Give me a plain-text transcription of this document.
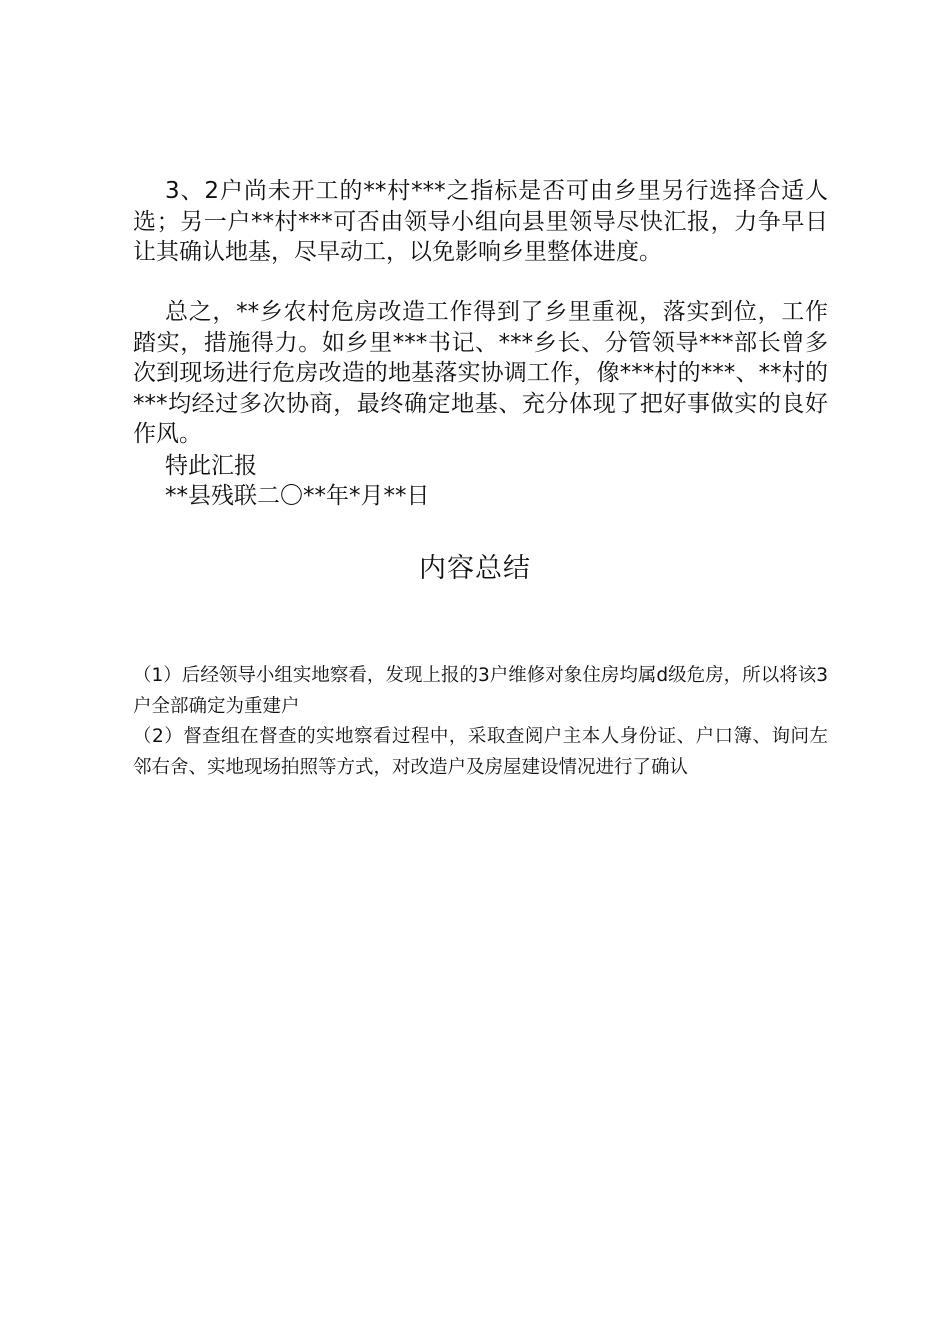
3、2户尚未开工的**村***之指标是否可由乡里另行选择合适人选；另一户**村***可否由领导小组向县里领导尽快汇报，力争早日让其确认地基，尽早动工，以免影响乡里整体进度。

总之，**乡农村危房改造工作得到了乡里重视，落实到位，工作踏实，措施得力。如乡里***书记、***乡长、分管领导***部长曾多次到现场进行危房改造的地基落实协调工作，像***村的***、**村的***均经过多次协商，最终确定地基、充分体现了把好事做实的良好作风。

特此汇报
**县残联二〇**年*月**日
内容总结

（1）后经领导小组实地察看，发现上报的3户维修对象住房均属d级危房，所以将该3户全部确定为重建户

（2）督查组在督查的实地察看过程中，采取查阅户主本人身份证、户口簿、询问左邻右舍、实地现场拍照等方式，对改造户及房屋建设情况进行了确认
